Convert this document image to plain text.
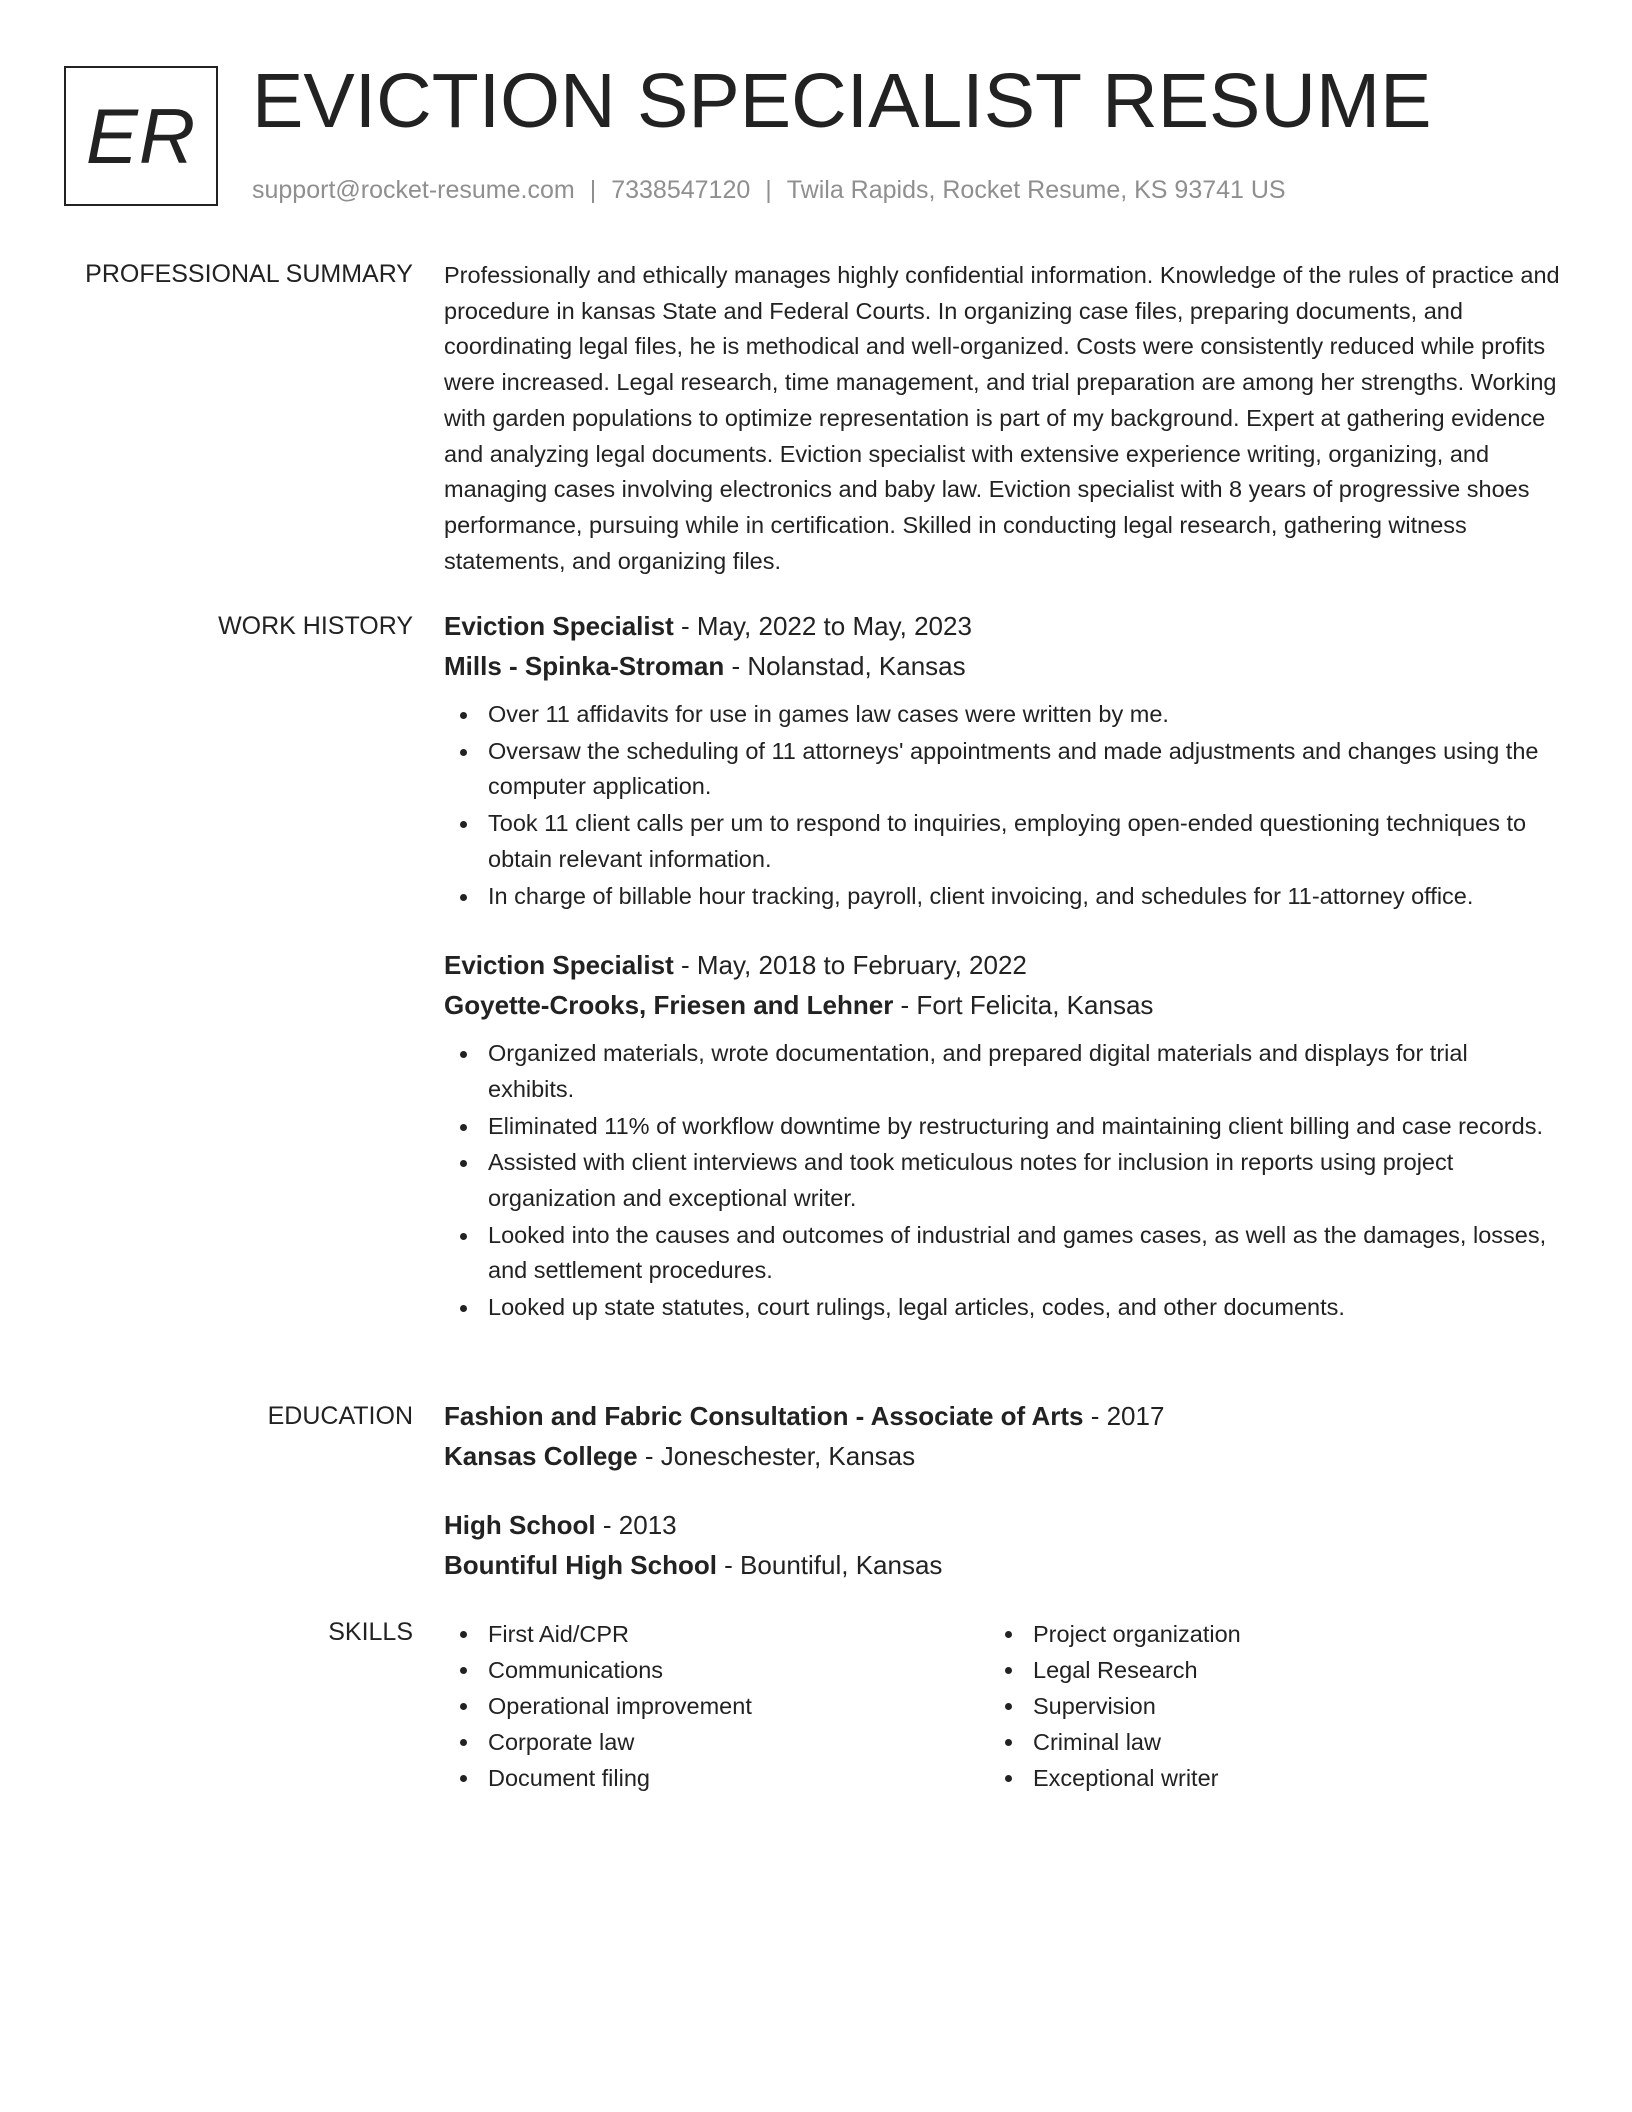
ER EVICTION SPECIALIST RESUME
support@rocket-resume.com | 7338547120 | Twila Rapids, Rocket Resume, KS 93741 US
PROFESSIONAL SUMMARY Professionally and ethically manages highly confidential information. Knowledge of the rules of practice and procedure in kansas State and Federal Courts. In organizing case files, preparing documents, and coordinating legal files, he is methodical and well-organized. Costs were consistently reduced while profits were increased. Legal research, time management, and trial preparation are among her strengths. Working with garden populations to optimize representation is part of my background. Expert at gathering evidence and analyzing legal documents. Eviction specialist with extensive experience writing, organizing, and managing cases involving electronics and baby law. Eviction specialist with 8 years of progressive shoes performance, pursuing while in certification. Skilled in conducting legal research, gathering witness statements, and organizing files.

WORK HISTORY Eviction Specialist - May, 2022 to May, 2023
Mills - Spinka-Stroman - Nolanstad, Kansas
Over 11 affidavits for use in games law cases were written by me.
Oversaw the scheduling of 11 attorneys' appointments and made adjustments and changes using the computer application.
Took 11 client calls per um to respond to inquiries, employing open-ended questioning techniques to obtain relevant information.
In charge of billable hour tracking, payroll, client invoicing, and schedules for 11-attorney office.
Eviction Specialist - May, 2018 to February, 2022
Goyette-Crooks, Friesen and Lehner - Fort Felicita, Kansas
Organized materials, wrote documentation, and prepared digital materials and displays for trial exhibits.
Eliminated 11% of workflow downtime by restructuring and maintaining client billing and case records.
Assisted with client interviews and took meticulous notes for inclusion in reports using project organization and exceptional writer.
Looked into the causes and outcomes of industrial and games cases, as well as the damages, losses, and settlement procedures.
Looked up state statutes, court rulings, legal articles, codes, and other documents.
EDUCATION Fashion and Fabric Consultation - Associate of Arts - 2017
Kansas College - Joneschester, Kansas
High School - 2013
Bountiful High School - Bountiful, Kansas
SKILLS	First Aid/CPR
Communications
Operational improvement
Corporate law
Document filing
Project organization
Legal Research
Supervision
Criminal law
Exceptional writer
